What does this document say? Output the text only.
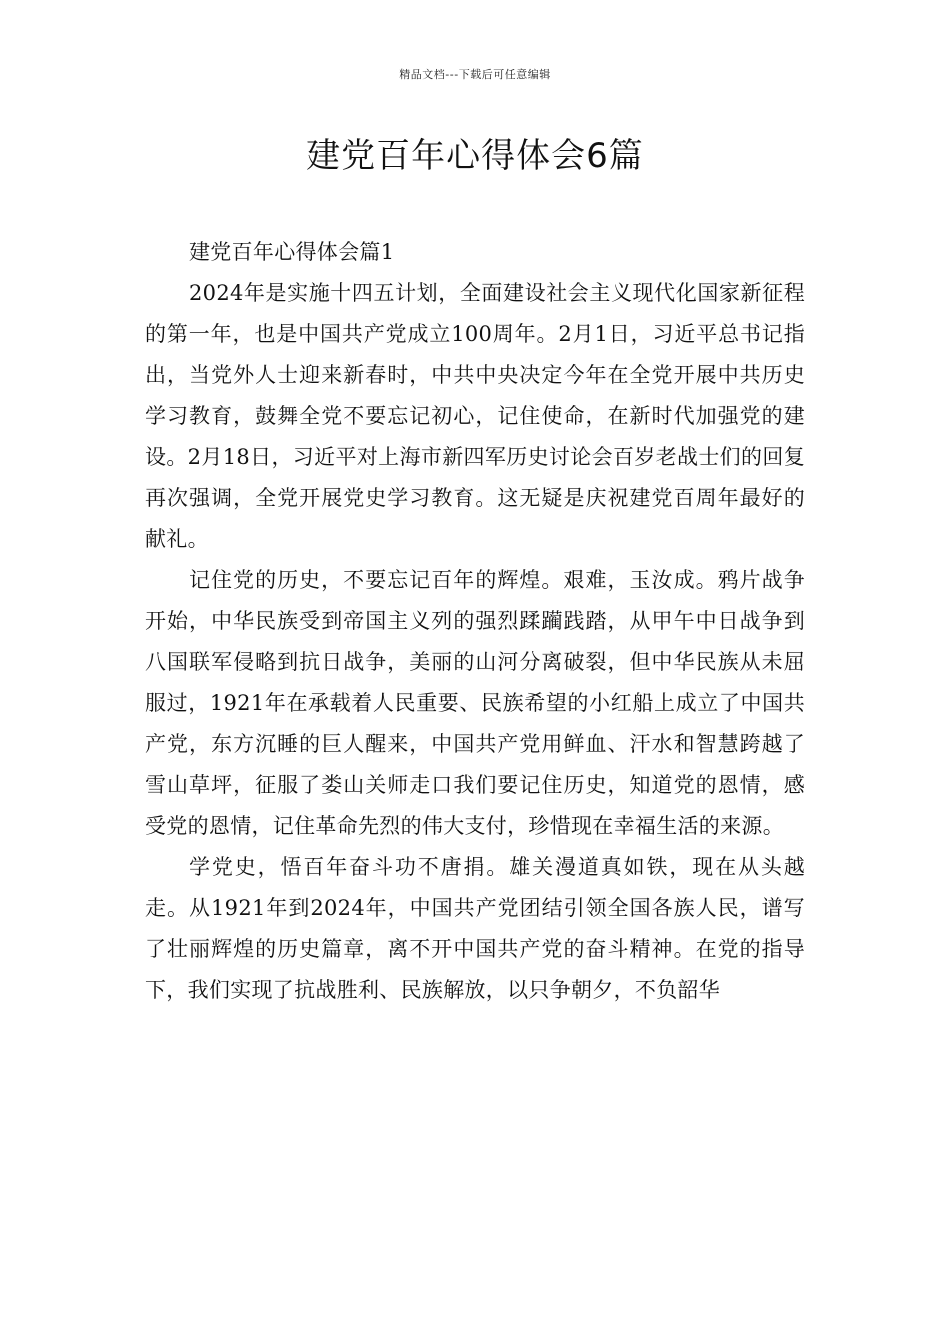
精品文档---下载后可任意编辑
建党百年心得体会6篇

建党百年心得体会篇1

2024年是实施十四五计划，全面建设社会主义现代化国家新征程的第一年，也是中国共产党成立100周年。2月1日，习近平总书记指出，当党外人士迎来新春时，中共中央决定今年在全党开展中共历史学习教育，鼓舞全党不要忘记初心，记住使命，在新时代加强党的建设。2月18日，习近平对上海市新四军历史讨论会百岁老战士们的回复再次强调，全党开展党史学习教育。这无疑是庆祝建党百周年最好的献礼。

记住党的历史，不要忘记百年的辉煌。艰难，玉汝成。鸦片战争开始，中华民族受到帝国主义列的强烈蹂躏践踏，从甲午中日战争到八国联军侵略到抗日战争，美丽的山河分离破裂，但中华民族从未屈服过，1921年在承载着人民重要、民族希望的小红船上成立了中国共产党，东方沉睡的巨人醒来，中国共产党用鲜血、汗水和智慧跨越了雪山草坪，征服了娄山关师走口我们要记住历史，知道党的恩情，感受党的恩情，记住革命先烈的伟大支付，珍惜现在幸福生活的来源。

学党史，悟百年奋斗功不唐捐。雄关漫道真如铁，现在从头越走。从1921年到2024年，中国共产党团结引领全国各族人民，谱写了壮丽辉煌的历史篇章，离不开中国共产党的奋斗精神。在党的指导下，我们实现了抗战胜利、民族解放，以只争朝夕，不负韶华
